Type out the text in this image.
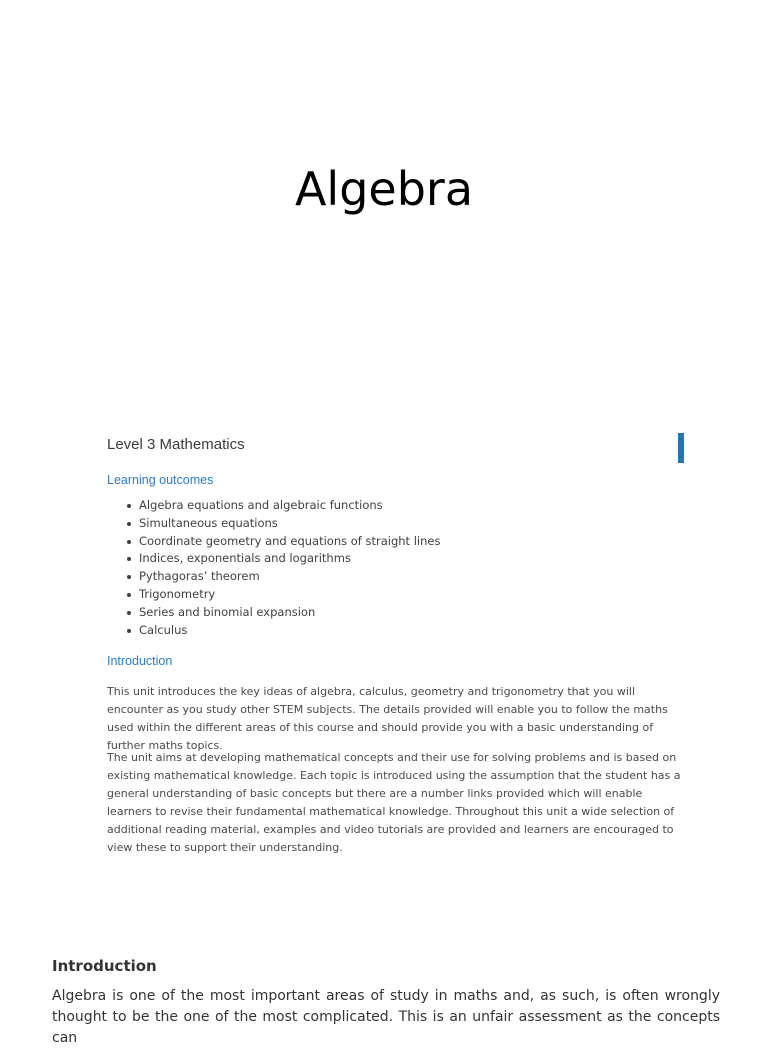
Algebra
Level 3 Mathematics
Learning outcomes
Algebra equations and algebraic functions
Simultaneous equations
Coordinate geometry and equations of straight lines
Indices, exponentials and logarithms
Pythagoras’ theorem
Trigonometry
Series and binomial expansion
Calculus
Introduction

This unit introduces the key ideas of algebra, calculus, geometry and trigonometry that you will encounter as you study other STEM subjects. The details provided will enable you to follow the maths used within the different areas of this course and should provide you with a basic understanding of further maths topics.

The unit aims at developing mathematical concepts and their use for solving problems and is based on existing mathematical knowledge. Each topic is introduced using the assumption that the student has a general understanding of basic concepts but there are a number links provided which will enable learners to revise their fundamental mathematical knowledge. Throughout this unit a wide selection of additional reading material, examples and video tutorials are provided and learners are encouraged to view these to support their understanding.

Introduction

Algebra is one of the most important areas of study in maths and, as such, is often wrongly thought to be the one of the most complicated. This is an unfair assessment as the concepts can
